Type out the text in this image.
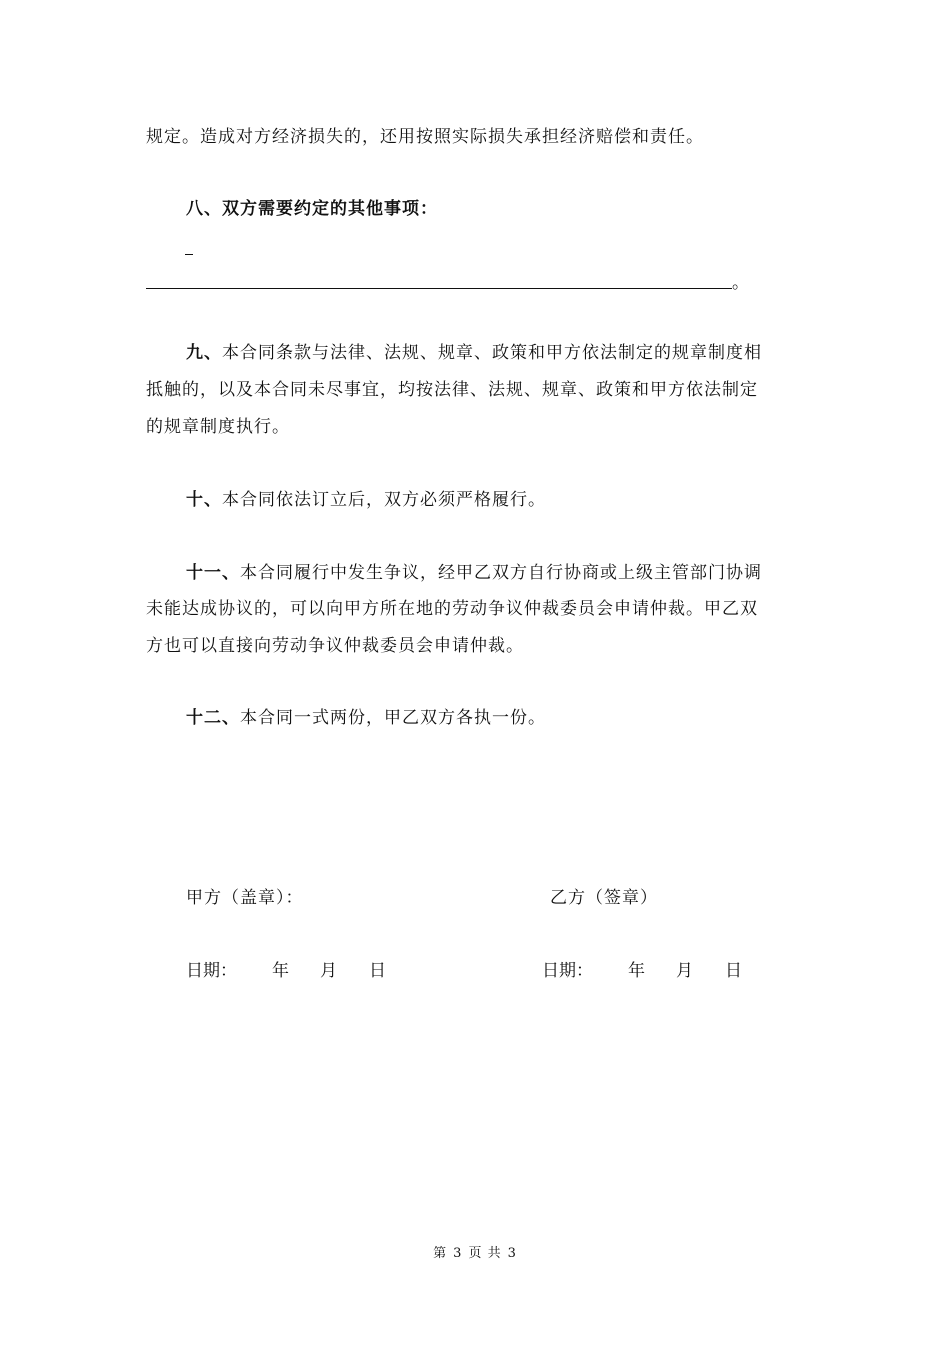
规定。造成对方经济损失的，还用按照实际损失承担经济赔偿和责任。
八、双方需要约定的其他事项：
。
九、本合同条款与法律、法规、规章、政策和甲方依法制定的规章制度相
抵触的，以及本合同未尽事宜，均按法律、法规、规章、政策和甲方依法制定
的规章制度执行。
十、本合同依法订立后，双方必须严格履行。
十一、本合同履行中发生争议，经甲乙双方自行协商或上级主管部门协调
未能达成协议的，可以向甲方所在地的劳动争议仲裁委员会申请仲裁。甲乙双
方也可以直接向劳动争议仲裁委员会申请仲裁。
十二、本合同一式两份，甲乙双方各执一份。
甲方（盖章）：	乙方（签章）
日期： 年 月 日	日期： 年 月 日
第 3 页 共 3
